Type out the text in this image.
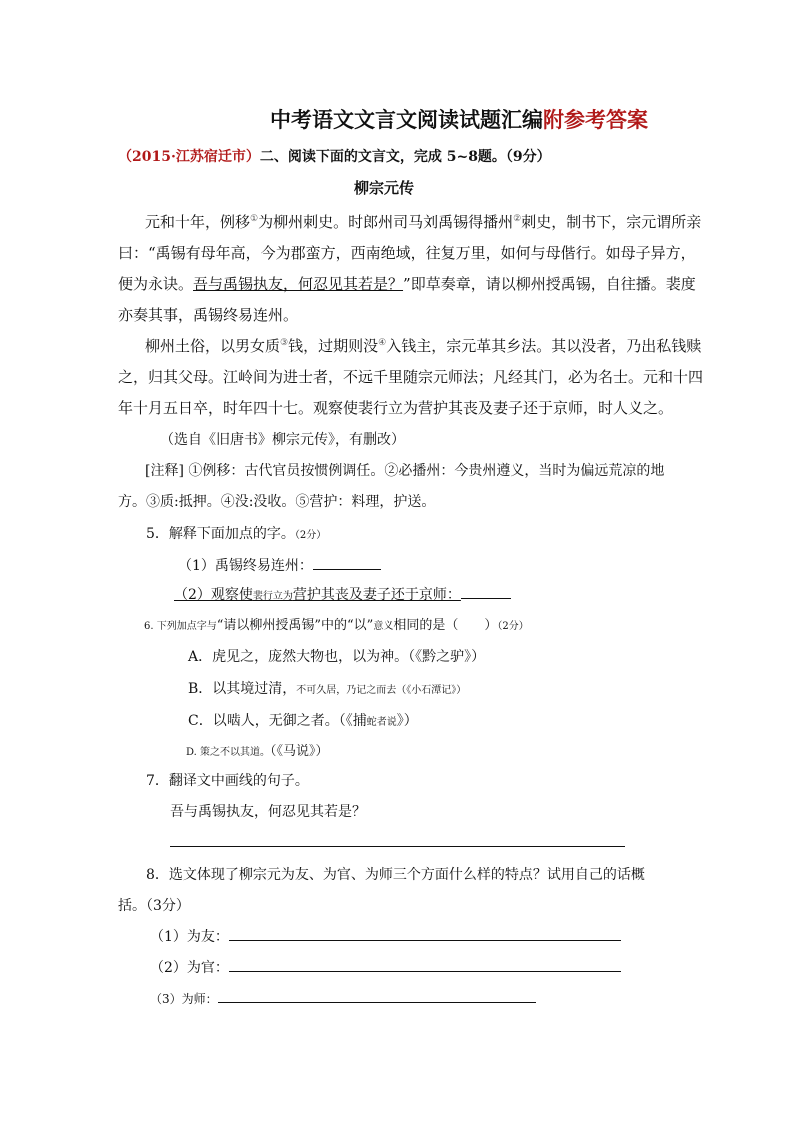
中考语文文言文阅读试题汇编附参考答案
（2015·江苏宿迁市）二、阅读下面的文言文，完成 5~8题。（9分）
柳宗元传
元和十年，例移①为柳州刺史。时郎州司马刘禹锡得播州②刺史，制书下，宗元谓所亲
曰：“禹锡有母年高，今为郡蛮方，西南绝域，往复万里，如何与母偕行。如母子异方，
便为永诀。吾与禹锡执友，何忍见其若是？”即草奏章，请以柳州授禹锡，自往播。裴度
亦奏其事，禹锡终易连州。
柳州土俗，以男女质③钱，过期则没④入钱主，宗元革其乡法。其以没者，乃出私钱赎
之，归其父母。江岭间为进士者，不远千里随宗元师法；凡经其门，必为名士。元和十四
年十月五日卒，时年四十七。观察使裴行立为营护其丧及妻子还于京师，时人义之。
（选自《旧唐书》柳宗元传》，有删改）
[注释] ①例移：古代官员按惯例调任。②必播州：今贵州遵义，当时为偏远荒凉的地
方。③质:抵押。④没:没收。⑤营护：料理，护送。
5．解释下面加点的字。（2分）
（1）禹锡终易连州：
（2）观察使裴行立为营护其丧及妻子还于京师：
6. 下列加点字与“请以柳州授禹锡”中的“以”意义相同的是（　　）（2分）
A．虎见之，庞然大物也，以为神。（《黔之驴》）
B．以其境过清，不可久居，乃记之而去（《小石潭记》）
C．以啮人，无御之者。（《捕蛇者说》）
D. 策之不以其道。（《马说》）
7．翻译文中画线的句子。
吾与禹锡执友，何忍见其若是？
8．选文体现了柳宗元为友、为官、为师三个方面什么样的特点？试用自己的话概
括。（3分）
（1）为友：
（2）为官：
（3）为师：
